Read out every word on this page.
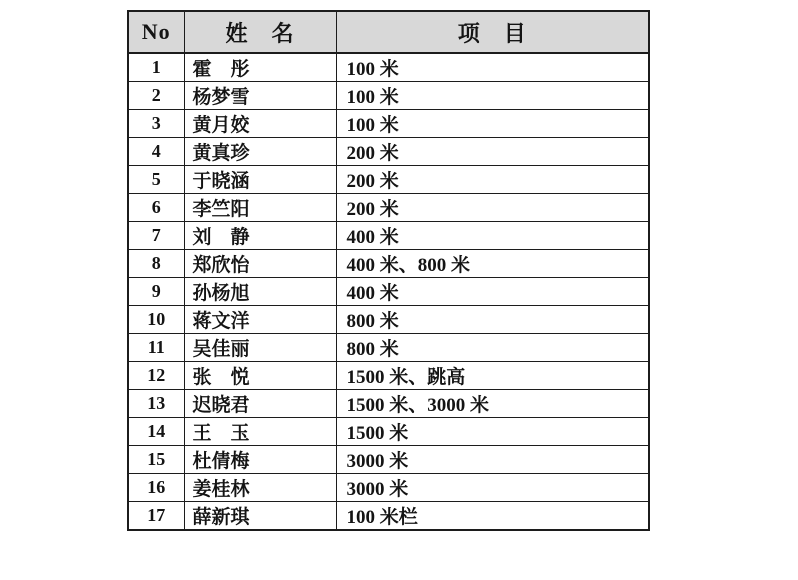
No	姓　名	项　目
1	霍　彤	100 米
2	杨梦雪	100 米
3	黄月姣	100 米
4	黄真珍	200 米
5	于晓涵	200 米
6	李竺阳	200 米
7	刘　静	400 米
8	郑欣怡	400 米、800 米
9	孙杨旭	400 米
10	蒋文洋	800 米
11	吴佳丽	800 米
12	张　悦	1500 米、跳高
13	迟晓君	1500 米、3000 米
14	王　玉	1500 米
15	杜倩梅	3000 米
16	姜桂林	3000 米
17	薛新琪	100 米栏
